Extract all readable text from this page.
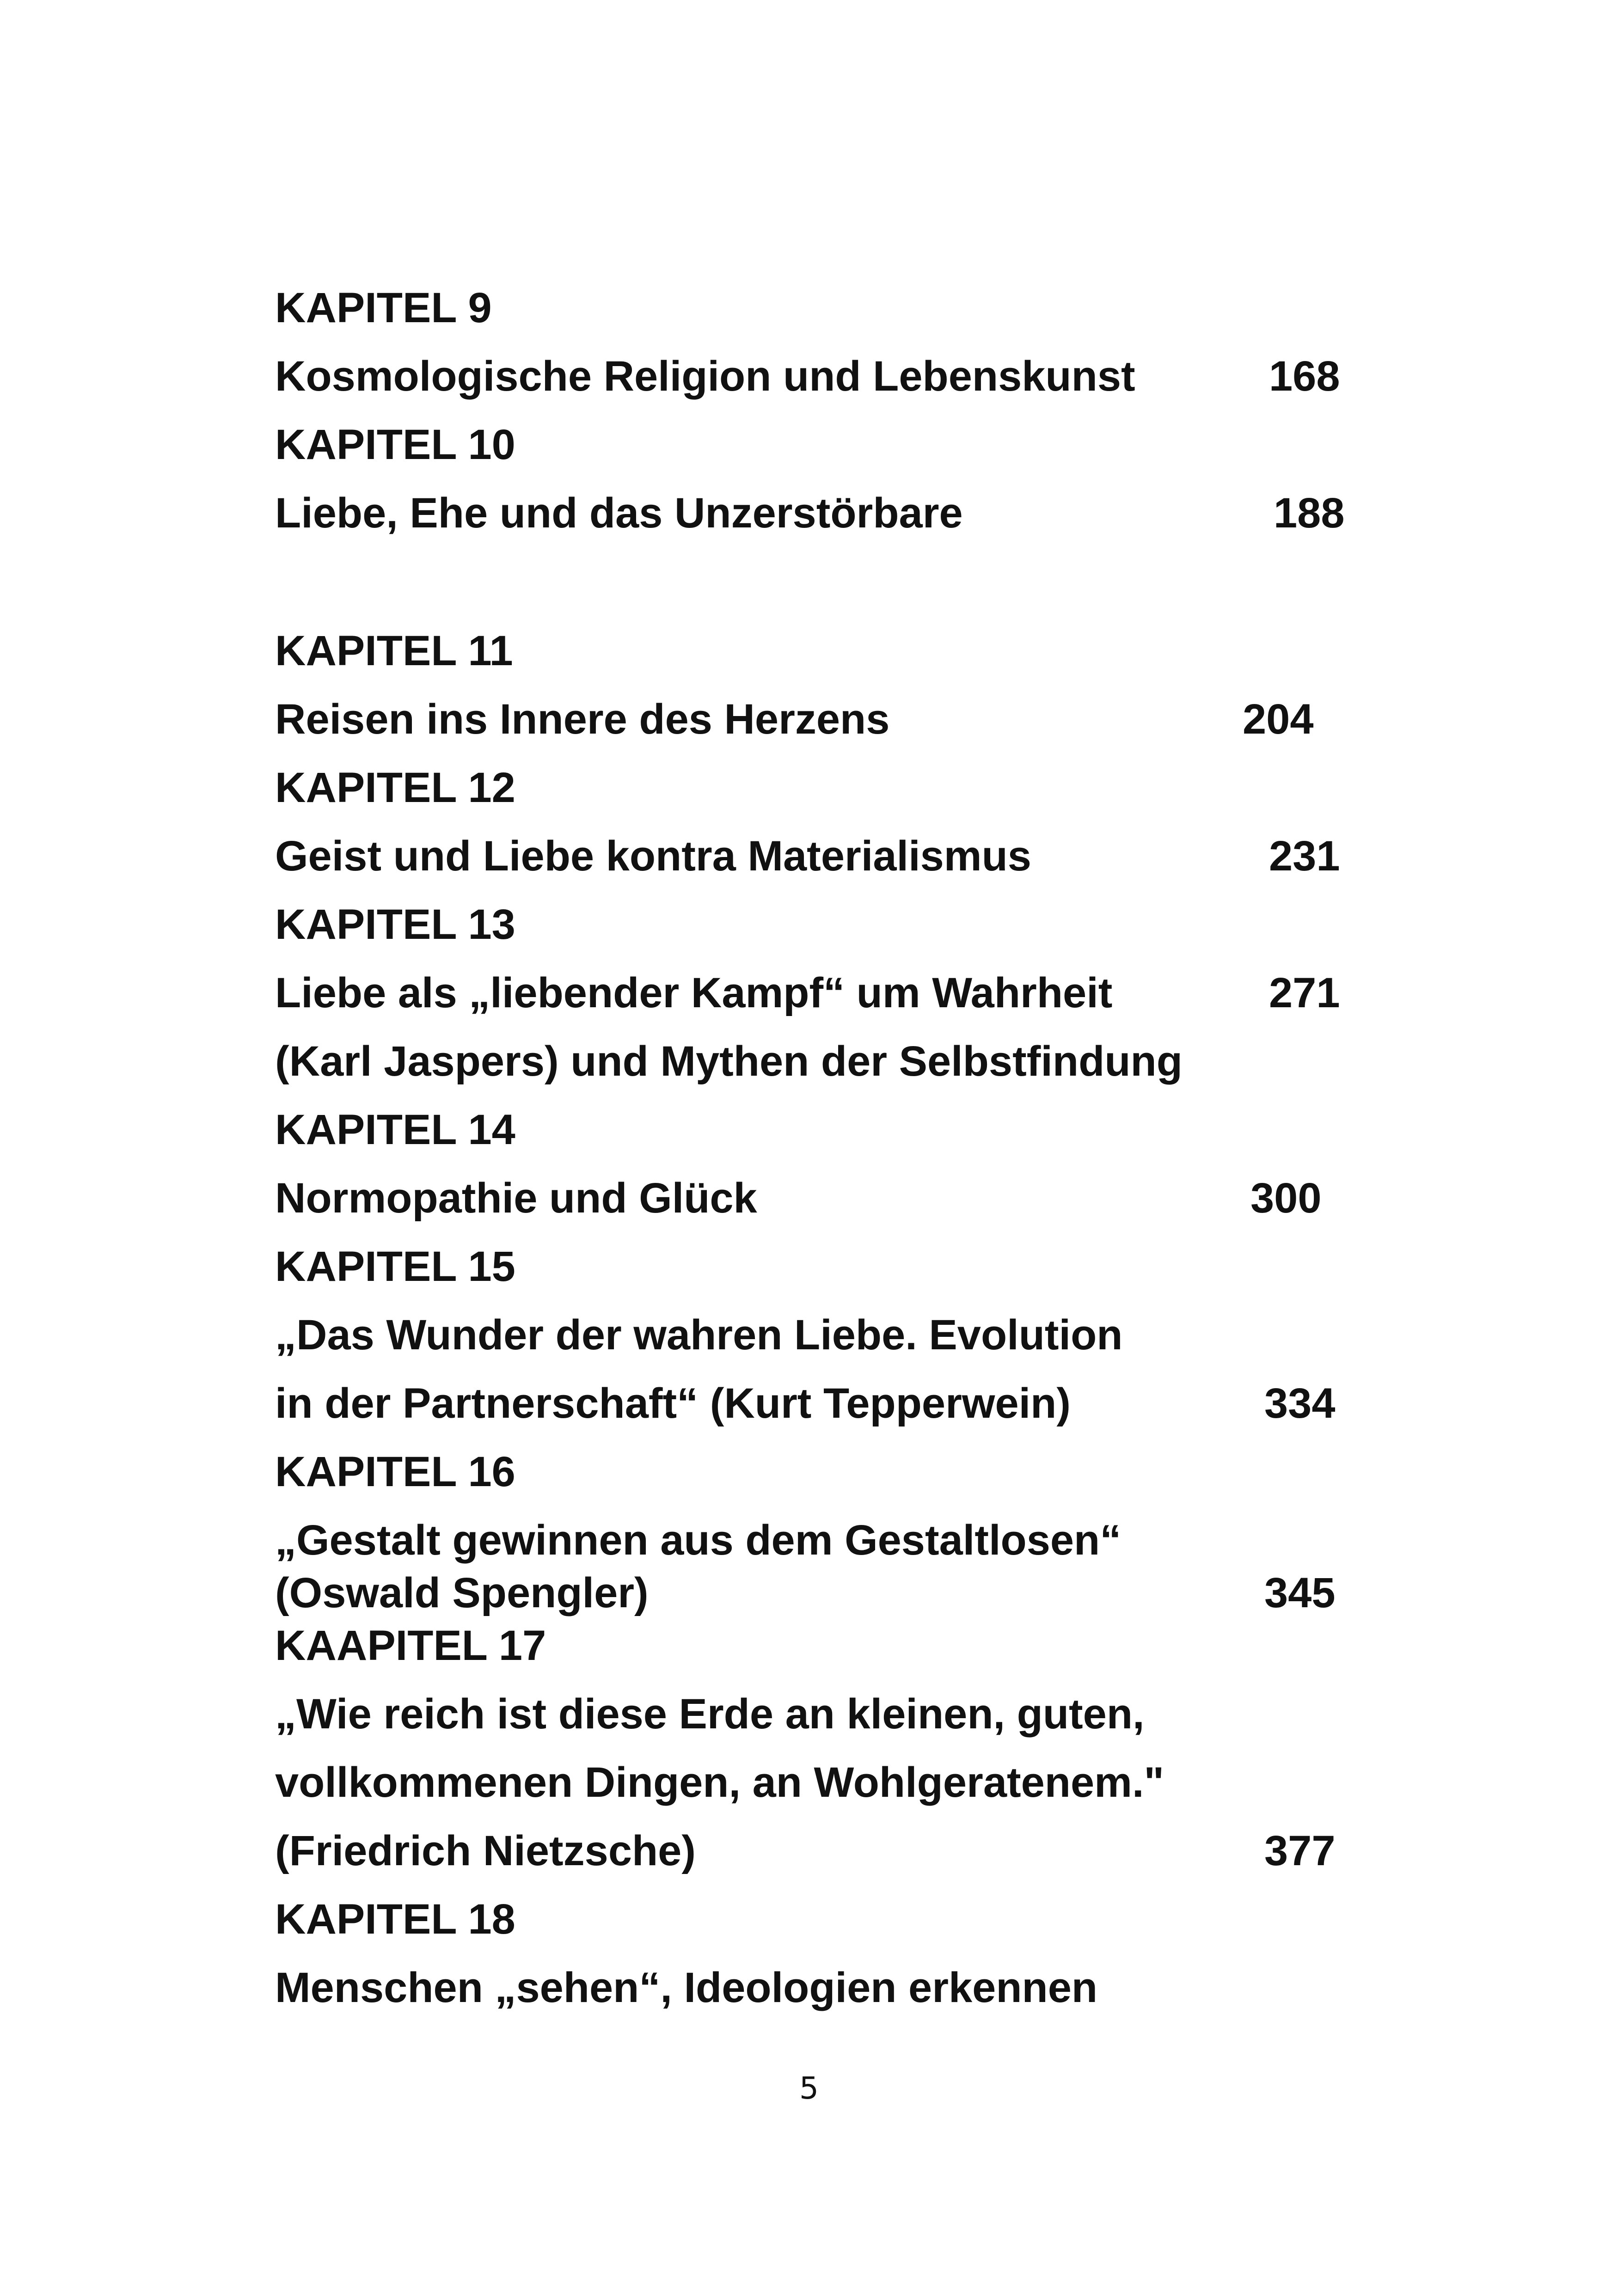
KAPITEL 9
Kosmologische Religion und Lebenskunst	168
KAPITEL 10
Liebe, Ehe und das Unzerstörbare	188
KAPITEL 11
Reisen ins Innere des Herzens	204
KAPITEL 12
Geist und Liebe kontra Materialismus	231
KAPITEL 13
Liebe als „liebender Kampf“ um Wahrheit	271
(Karl Jaspers) und Mythen der Selbstfindung
KAPITEL 14
Normopathie und Glück	300
KAPITEL 15
„Das Wunder der wahren Liebe. Evolution
in der Partnerschaft“ (Kurt Tepperwein)	334
KAPITEL 16
„Gestalt gewinnen aus dem Gestaltlosen“
(Oswald Spengler)	345
KAAPITEL 17
„Wie reich ist diese Erde an kleinen, guten,
vollkommenen Dingen, an Wohlgeratenem."
(Friedrich Nietzsche)	377
KAPITEL 18
Menschen „sehen“, Ideologien erkennen
5
